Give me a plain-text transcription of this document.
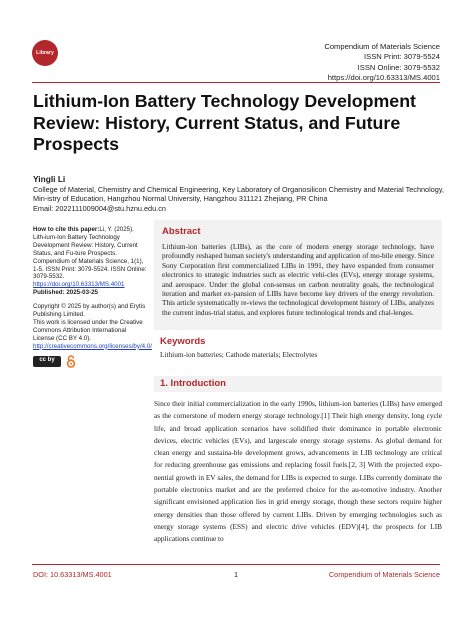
Library
Compendium of Materials Science
ISSN Print: 3079-5524
ISSN Online: 3079-5532
https://doi.org/10.63313/MS.4001
Lithium-Ion Battery Technology Development Review: History, Current Status, and Future Prospects
Yingli Li
College of Material, Chemistry and Chemical Engineering, Key Laboratory of Organosilicon Chemistry and Material Technology,
Min-istry of Education, Hangzhou Normal University, Hangzhou 311121 Zhejiang, PR China
Email: 2022111009004@stu.hznu.edu.cn
How to cite this paper:Li, Y. (2025). Lith-ium-Ion Battery Technology Development Review: History, Current Status, and Fu-ture Prospects. Compendium of Materials Science, 1(1), 1-5. ISSN Print: 3079-5524. ISSN Online: 3079-5532.
https://doi.org/10.63313/MS.4001
Published: 2025-03-25
Copyright © 2025 by author(s) and Erytis Publishing Limited.
This work is licensed under the Creative Commons Attribution International License (CC BY 4.0).
http://creativecommons.org/licenses/by/4.0/
cc by
Abstract
Lithium-ion batteries (LIBs), as the core of modern energy storage technology, have profoundly reshaped human society's understanding and application of mo-bile energy. Since Sony Corporation first commercialized LIBs in 1991, they have expanded from consumer electronics to strategic industries such as electric vehi-cles (EVs), energy storage systems, and aerospace. Under the global con-sensus on carbon neutrality goals, the technological iteration and market ex-pansion of LIBs have become key drivers of the energy revolution. This article systematically re-views the technological development history of LIBs, analyzes the current indus-trial status, and explores future technological trends and chal-lenges.
Keywords
Lithium-ion batteries; Cathode materials; Electrolytes
1. Introduction
Since their initial commercialization in the early 1990s, lithium-ion batteries (LIBs) have emerged as the cornerstone of modern energy storage technology.[1] Their high energy density, long cycle life, and broad application scenarios have solidified their dominance in portable electronic devices, electric vehicles (EVs), and largescale energy storage systems. As global demand for clean energy and sustaina-ble development grows, advancements in LIB technology are critical for reducing greenhouse gas emissions and replacing fossil fuels.[2, 3] With the projected expo-nential growth in EV sales, the demand for LIBs is expected to surge. LIBs currently dominate the portable electronics market and are the preferred choice for the au-tomotive industry. Another significant envisioned application lies in grid energy storage, though these sectors require higher energy densities than those offered by current LIBs. Driven by emerging technologies such as energy storage systems (ESS) and electric drive vehicles (EDV)[4], the prospects for LIB applications continue to
DOI: 10.63313/MS.4001	1	Compendium of Materials Science
